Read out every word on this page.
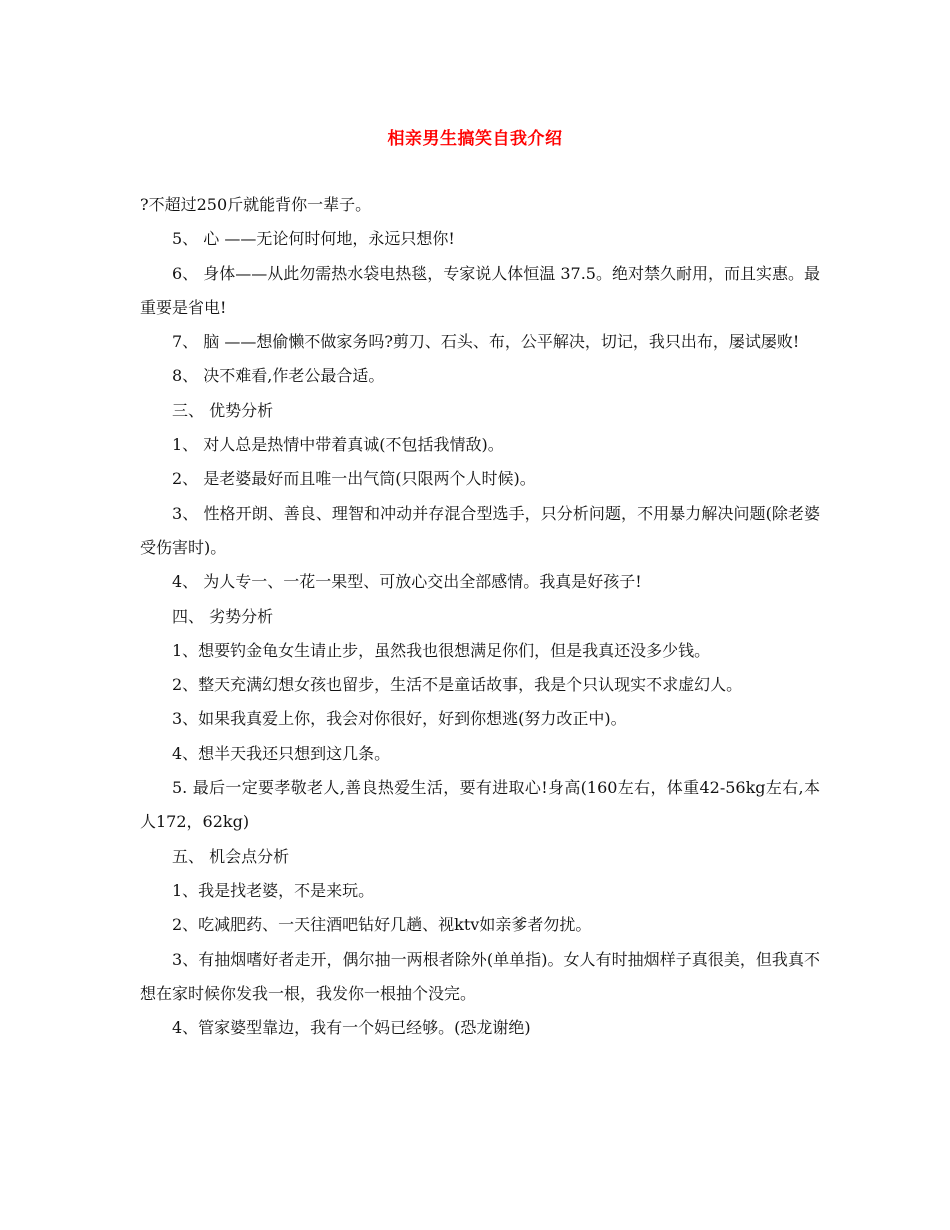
相亲男生搞笑自我介绍

?不超过250斤就能背你一辈子。

5、 心 ——无论何时何地，永远只想你!

6、 身体——从此勿需热水袋电热毯，专家说人体恒温 37.5。绝对禁久耐用，而且实惠。最重要是省电!

7、 脑 ——想偷懒不做家务吗?剪刀、石头、布，公平解决，切记，我只出布，屡试屡败!

8、 决不难看,作老公最合适。

三、 优势分析

1、 对人总是热情中带着真诚(不包括我情敌)。

2、 是老婆最好而且唯一出气筒(只限两个人时候)。

3、 性格开朗、善良、理智和冲动并存混合型选手，只分析问题，不用暴力解决问题(除老婆受伤害时)。

4、 为人专一、一花一果型、可放心交出全部感情。我真是好孩子!

四、 劣势分析

1、想要钓金龟女生请止步，虽然我也很想满足你们，但是我真还没多少钱。

2、整天充满幻想女孩也留步，生活不是童话故事，我是个只认现实不求虚幻人。

3、如果我真爱上你，我会对你很好，好到你想逃(努力改正中)。

4、想半天我还只想到这几条。

5. 最后一定要孝敬老人,善良热爱生活，要有进取心!身高(160左右，体重42-56kg左右,本人172，62kg)

五、 机会点分析

1、我是找老婆，不是来玩。

2、吃减肥药、一天往酒吧钻好几趟、视ktv如亲爹者勿扰。

3、有抽烟嗜好者走开，偶尔抽一两根者除外(单单指)。女人有时抽烟样子真很美，但我真不想在家时候你发我一根，我发你一根抽个没完。

4、管家婆型靠边，我有一个妈已经够。(恐龙谢绝)
